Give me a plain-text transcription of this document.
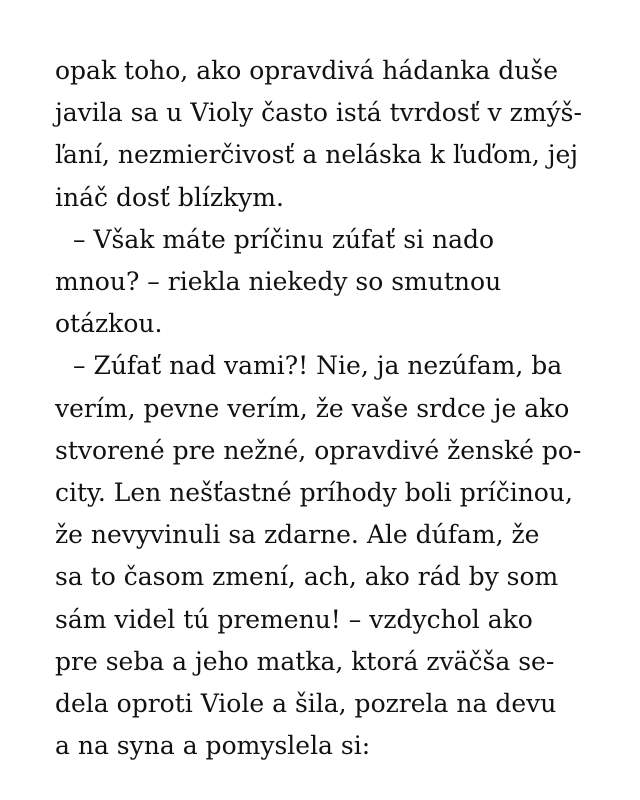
opak toho, ako opravdivá hádanka duše
javila sa u Violy často istá tvrdosť v zmýš-
ľaní, nezmierčivosť a neláska k ľuďom, jej
ináč dosť blízkym.
– Však máte príčinu zúfať si nado
mnou? – riekla niekedy so smutnou
otázkou.
– Zúfať nad vami?! Nie, ja nezúfam, ba
verím, pevne verím, že vaše srdce je ako
stvorené pre nežné, opravdivé ženské po-
city. Len nešťastné príhody boli príčinou,
že nevyvinuli sa zdarne. Ale dúfam, že
sa to časom zmení, ach, ako rád by som
sám videl tú premenu! – vzdychol ako
pre seba a jeho matka, ktorá zväčša se-
dela oproti Viole a šila, pozrela na devu
a na syna a pomyslela si:
